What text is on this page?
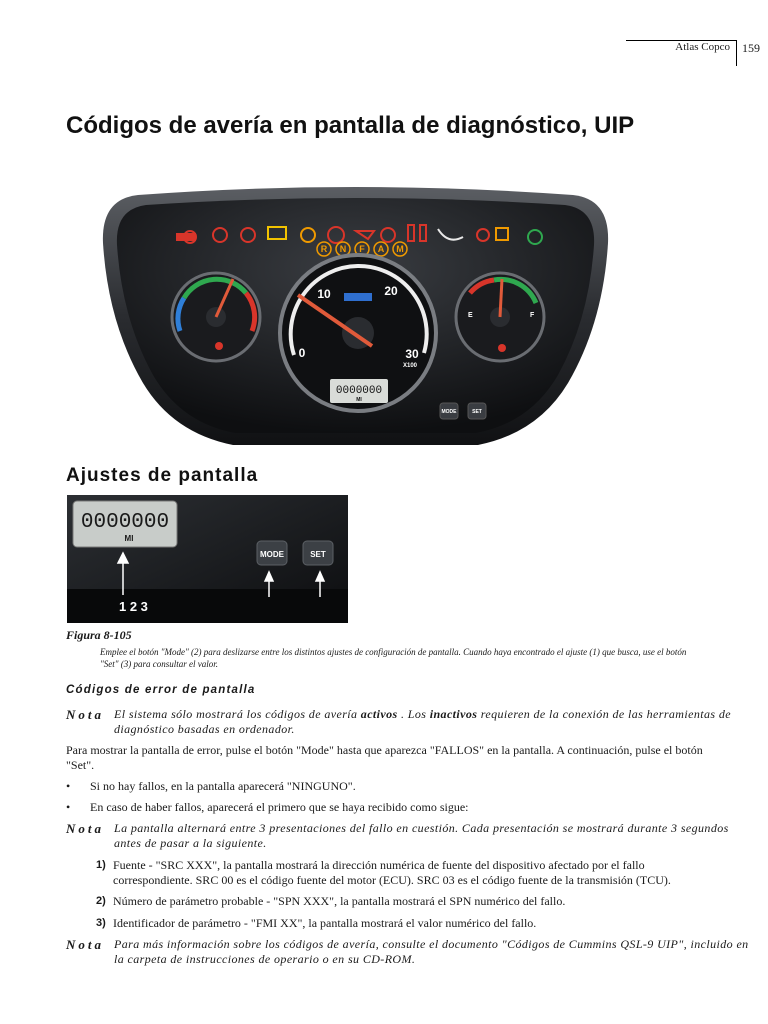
Atlas Copco 159
Códigos de avería en pantalla de diagnóstico, UIP
R N F A M
0
10	20
30
X100
E	F
0000000
MI
MODE	SET
Ajustes de pantalla
0000000
MI
MODE	SET
1 2 3
Figura 8-105
Emplee el botón "Mode" (2) para deslizarse entre los distintos ajustes de configuración de pantalla. Cuando haya encontrado el ajuste (1) que busca, use el botón "Set" (3) para consultar el valor.
Códigos de error de pantalla
Nota El sistema sólo mostrará los códigos de avería activos . Los inactivos requieren de la conexión de las herramientas de diagnóstico basadas en ordenador.
Para mostrar la pantalla de error, pulse el botón "Mode" hasta que aparezca "FALLOS" en la pantalla. A continuación, pulse el botón "Set".
• Si no hay fallos, en la pantalla aparecerá "NINGUNO".
• En caso de haber fallos, aparecerá el primero que se haya recibido como sigue:
Nota La pantalla alternará entre 3 presentaciones del fallo en cuestión. Cada presentación se mostrará durante 3 segundos antes de pasar a la siguiente.
1) Fuente - "SRC XXX", la pantalla mostrará la dirección numérica de fuente del dispositivo afectado por el fallo correspondiente. SRC 00 es el código fuente del motor (ECU). SRC 03 es el código fuente de la transmisión (TCU).
2) Número de parámetro probable - "SPN XXX", la pantalla mostrará el SPN numérico del fallo.
3) Identificador de parámetro - "FMI XX", la pantalla mostrará el valor numérico del fallo.
Nota Para más información sobre los códigos de avería, consulte el documento "Códigos de Cummins QSL-9 UIP", incluido en la carpeta de instrucciones de operario o en su CD-ROM.
